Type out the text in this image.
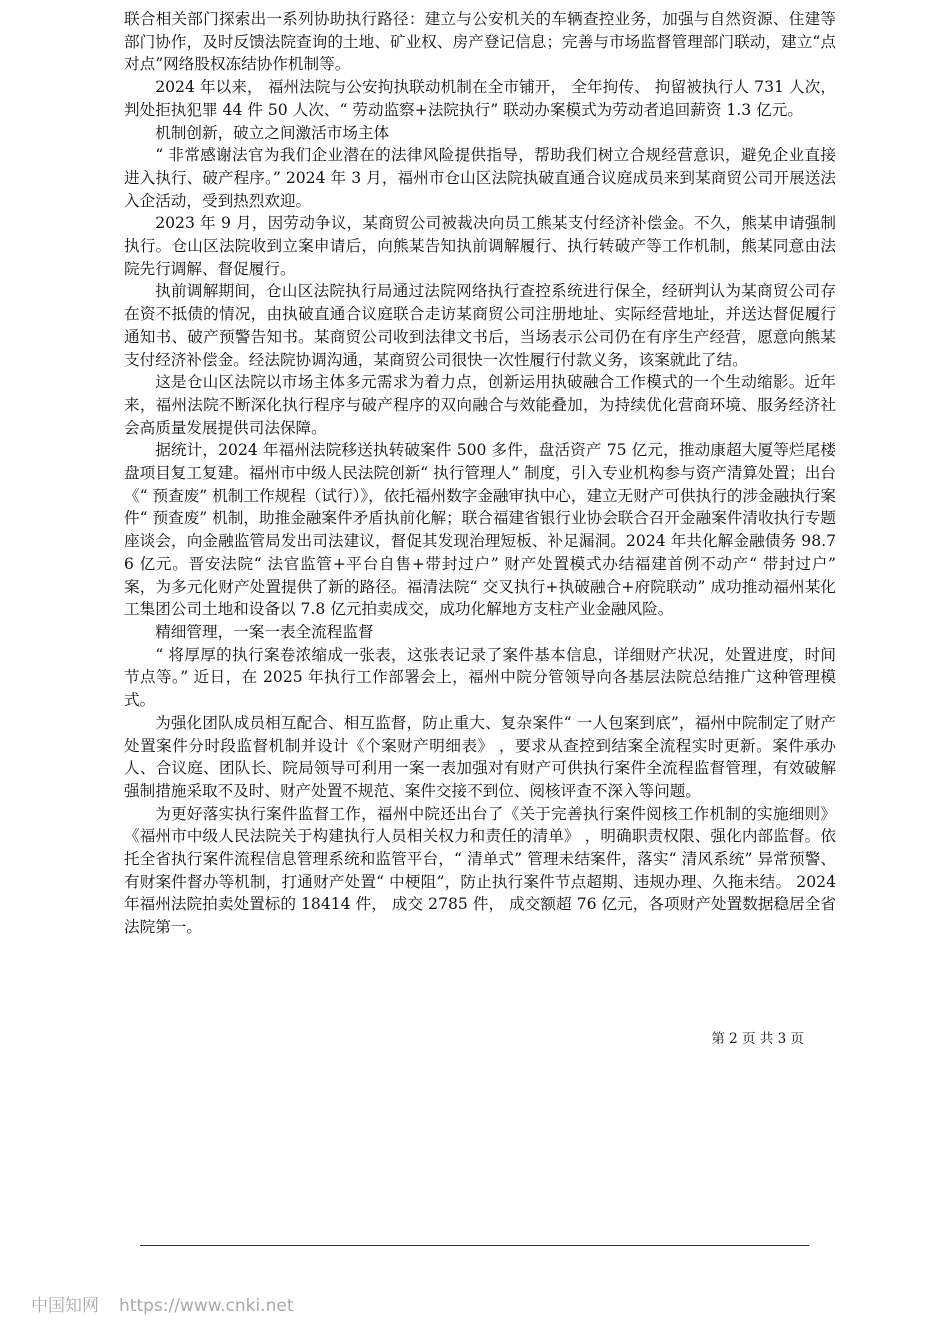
联合相关部门探索出一系列协助执行路径：建立与公安机关的车辆查控业务，加强与自然资源、住建等部门协作，及时反馈法院查询的土地、矿业权、房产登记信息；完善与市场监督管理部门联动，建立“点对点”网络股权冻结协作机制等。

2024 年以来， 福州法院与公安拘执联动机制在全市铺开， 全年拘传、 拘留被执行人 731 人次，判处拒执犯罪 44 件 50 人次、“ 劳动监察+法院执行” 联动办案模式为劳动者追回薪资 1.3 亿元。

机制创新，破立之间激活市场主体

“ 非常感谢法官为我们企业潜在的法律风险提供指导，帮助我们树立合规经营意识，避免企业直接进入执行、破产程序。” 2024 年 3 月，福州市仓山区法院执破直通合议庭成员来到某商贸公司开展送法入企活动，受到热烈欢迎。

2023 年 9 月，因劳动争议，某商贸公司被裁决向员工熊某支付经济补偿金。不久，熊某申请强制执行。仓山区法院收到立案申请后，向熊某告知执前调解履行、执行转破产等工作机制，熊某同意由法院先行调解、督促履行。

执前调解期间，仓山区法院执行局通过法院网络执行查控系统进行保全，经研判认为某商贸公司存在资不抵债的情况，由执破直通合议庭联合走访某商贸公司注册地址、实际经营地址，并送达督促履行通知书、破产预警告知书。某商贸公司收到法律文书后，当场表示公司仍在有序生产经营，愿意向熊某支付经济补偿金。经法院协调沟通，某商贸公司很快一次性履行付款义务，该案就此了结。

这是仓山区法院以市场主体多元需求为着力点，创新运用执破融合工作模式的一个生动缩影。近年来，福州法院不断深化执行程序与破产程序的双向融合与效能叠加，为持续优化营商环境、服务经济社会高质量发展提供司法保障。

据统计，2024 年福州法院移送执转破案件 500 多件，盘活资产 75 亿元，推动康超大厦等烂尾楼盘项目复工复建。福州市中级人民法院创新“ 执行管理人” 制度，引入专业机构参与资产清算处置；出台《“ 预查废” 机制工作规程（试行）》，依托福州数字金融审执中心，建立无财产可供执行的涉金融执行案件“ 预查废” 机制，助推金融案件矛盾执前化解；联合福建省银行业协会联合召开金融案件清收执行专题座谈会，向金融监管局发出司法建议，督促其发现治理短板、补足漏洞。2024 年共化解金融债务 98.76 亿元。晋安法院“ 法官监管+平台自售+带封过户” 财产处置模式办结福建首例不动产“ 带封过户” 案，为多元化财产处置提供了新的路径。福清法院“ 交叉执行+执破融合+府院联动” 成功推动福州某化工集团公司土地和设备以 7.8 亿元拍卖成交，成功化解地方支柱产业金融风险。

精细管理，一案一表全流程监督

“ 将厚厚的执行案卷浓缩成一张表，这张表记录了案件基本信息，详细财产状况，处置进度，时间节点等。” 近日，在 2025 年执行工作部署会上，福州中院分管领导向各基层法院总结推广这种管理模式。

为强化团队成员相互配合、相互监督，防止重大、复杂案件“ 一人包案到底”，福州中院制定了财产处置案件分时段监督机制并设计《个案财产明细表》 ，要求从查控到结案全流程实时更新。案件承办人、合议庭、团队长、院局领导可利用一案一表加强对有财产可供执行案件全流程监督管理，有效破解强制措施采取不及时、财产处置不规范、案件交接不到位、阅核评查不深入等问题。

为更好落实执行案件监督工作，福州中院还出台了《关于完善执行案件阅核工作机制的实施细则》《福州市中级人民法院关于构建执行人员相关权力和责任的清单》 ，明确职责权限、强化内部监督。依托全省执行案件流程信息管理系统和监管平台，“ 清单式” 管理未结案件，落实“ 清风系统” 异常预警、有财案件督办等机制，打通财产处置“ 中梗阻”，防止执行案件节点超期、违规办理、久拖未结。 2024 年福州法院拍卖处置标的 18414 件， 成交 2785 件， 成交额超 76 亿元，各项财产处置数据稳居全省法院第一。

第 2 页 共 3 页
中国知网 https://www.cnki.net
